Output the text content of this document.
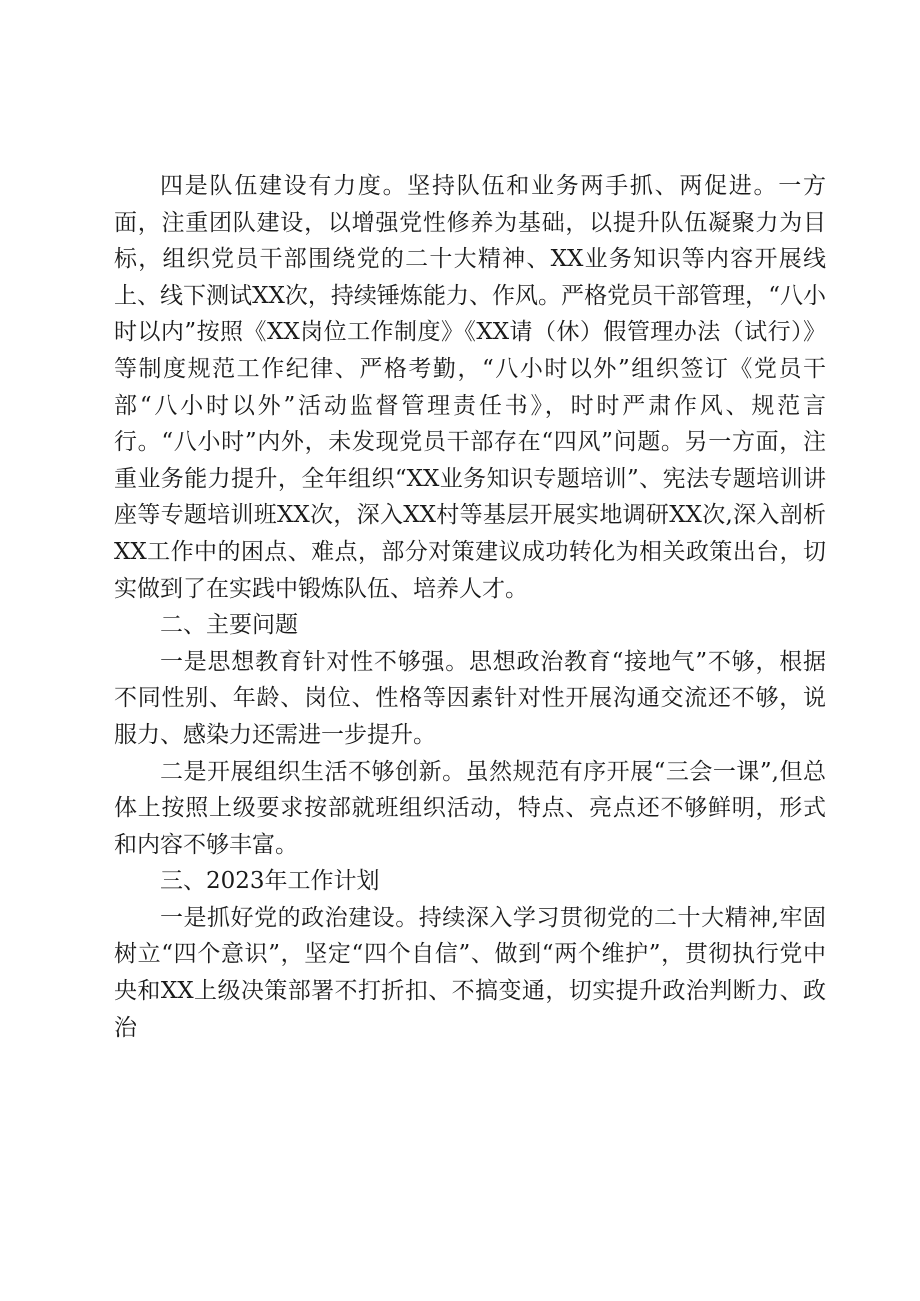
四是队伍建设有力度。坚持队伍和业务两手抓、两促进。一方面，注重团队建设，以增强党性修养为基础，以提升队伍凝聚力为目标，组织党员干部围绕党的二十大精神、XX业务知识等内容开展线上、线下测试XX次，持续锤炼能力、作风。严格党员干部管理，“八小时以内”按照《XX岗位工作制度》《XX请（休）假管理办法（试行）》等制度规范工作纪律、严格考勤，“八小时以外”组织签订《党员干部“八小时以外”活动监督管理责任书》，时时严肃作风、规范言行。“八小时”内外，未发现党员干部存在“四风”问题。另一方面，注重业务能力提升，全年组织“XX业务知识专题培训”、宪法专题培训讲座等专题培训班XX次，深入XX村等基层开展实地调研XX次,深入剖析XX工作中的困点、难点，部分对策建议成功转化为相关政策出台，切实做到了在实践中锻炼队伍、培养人才。

二、主要问题

一是思想教育针对性不够强。思想政治教育“接地气”不够，根据不同性别、年龄、岗位、性格等因素针对性开展沟通交流还不够，说服力、感染力还需进一步提升。

二是开展组织生活不够创新。虽然规范有序开展“三会一课”,但总体上按照上级要求按部就班组织活动，特点、亮点还不够鲜明，形式和内容不够丰富。

三、2023年工作计划

一是抓好党的政治建设。持续深入学习贯彻党的二十大精神,牢固树立“四个意识”，坚定“四个自信”、做到“两个维护”，贯彻执行党中央和XX上级决策部署不打折扣、不搞变通，切实提升政治判断力、政治
